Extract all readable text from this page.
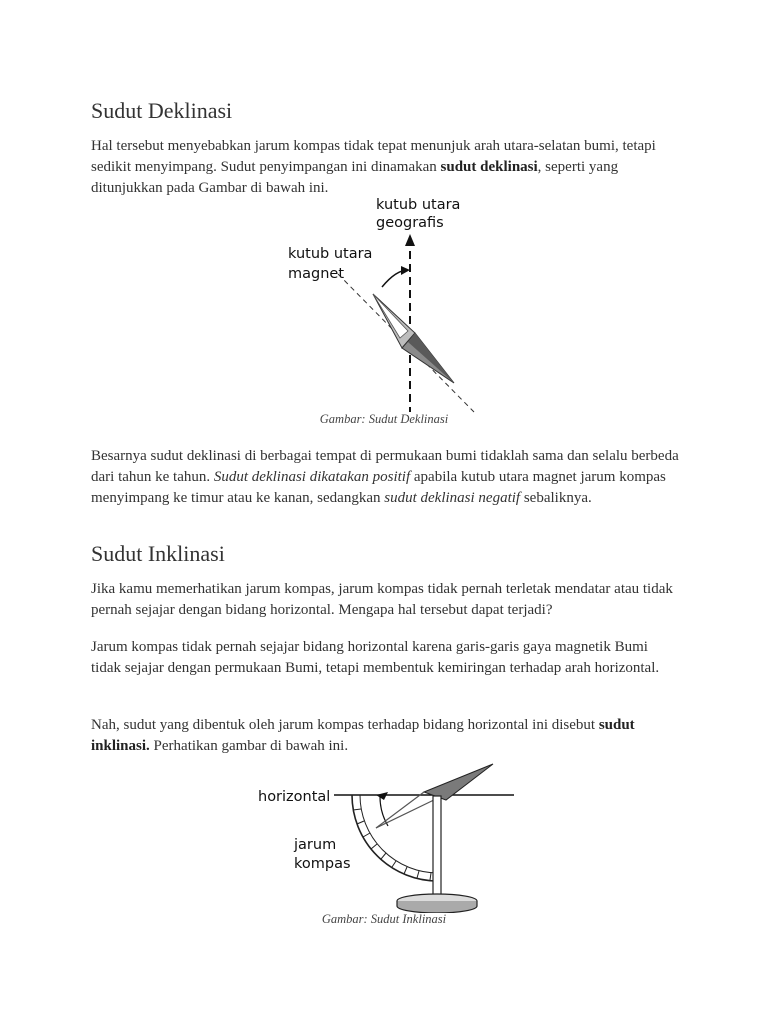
Sudut Deklinasi

Hal tersebut menyebabkan jarum kompas tidak tepat menunjuk arah utara-selatan bumi, tetapi sedikit menyimpang. Sudut penyimpangan ini dinamakan sudut deklinasi, seperti yang ditunjukkan pada Gambar di bawah ini.

kutub utara
geografis
kutub utara
magnet
Gambar: Sudut Deklinasi

Besarnya sudut deklinasi di berbagai tempat di permukaan bumi tidaklah sama dan selalu berbeda dari tahun ke tahun. Sudut deklinasi dikatakan positif apabila kutub utara magnet jarum kompas menyimpang ke timur atau ke kanan, sedangkan sudut deklinasi negatif sebaliknya.

Sudut Inklinasi

Jika kamu memerhatikan jarum kompas, jarum kompas tidak pernah terletak mendatar atau tidak pernah sejajar dengan bidang horizontal. Mengapa hal tersebut dapat terjadi?

Jarum kompas tidak pernah sejajar bidang horizontal karena garis-garis gaya magnetik Bumi tidak sejajar dengan permukaan Bumi, tetapi membentuk kemiringan terhadap arah horizontal.

Nah, sudut yang dibentuk oleh jarum kompas terhadap bidang horizontal ini disebut sudut inklinasi. Perhatikan gambar di bawah ini.

horizontal
jarum
kompas
Gambar: Sudut Inklinasi
